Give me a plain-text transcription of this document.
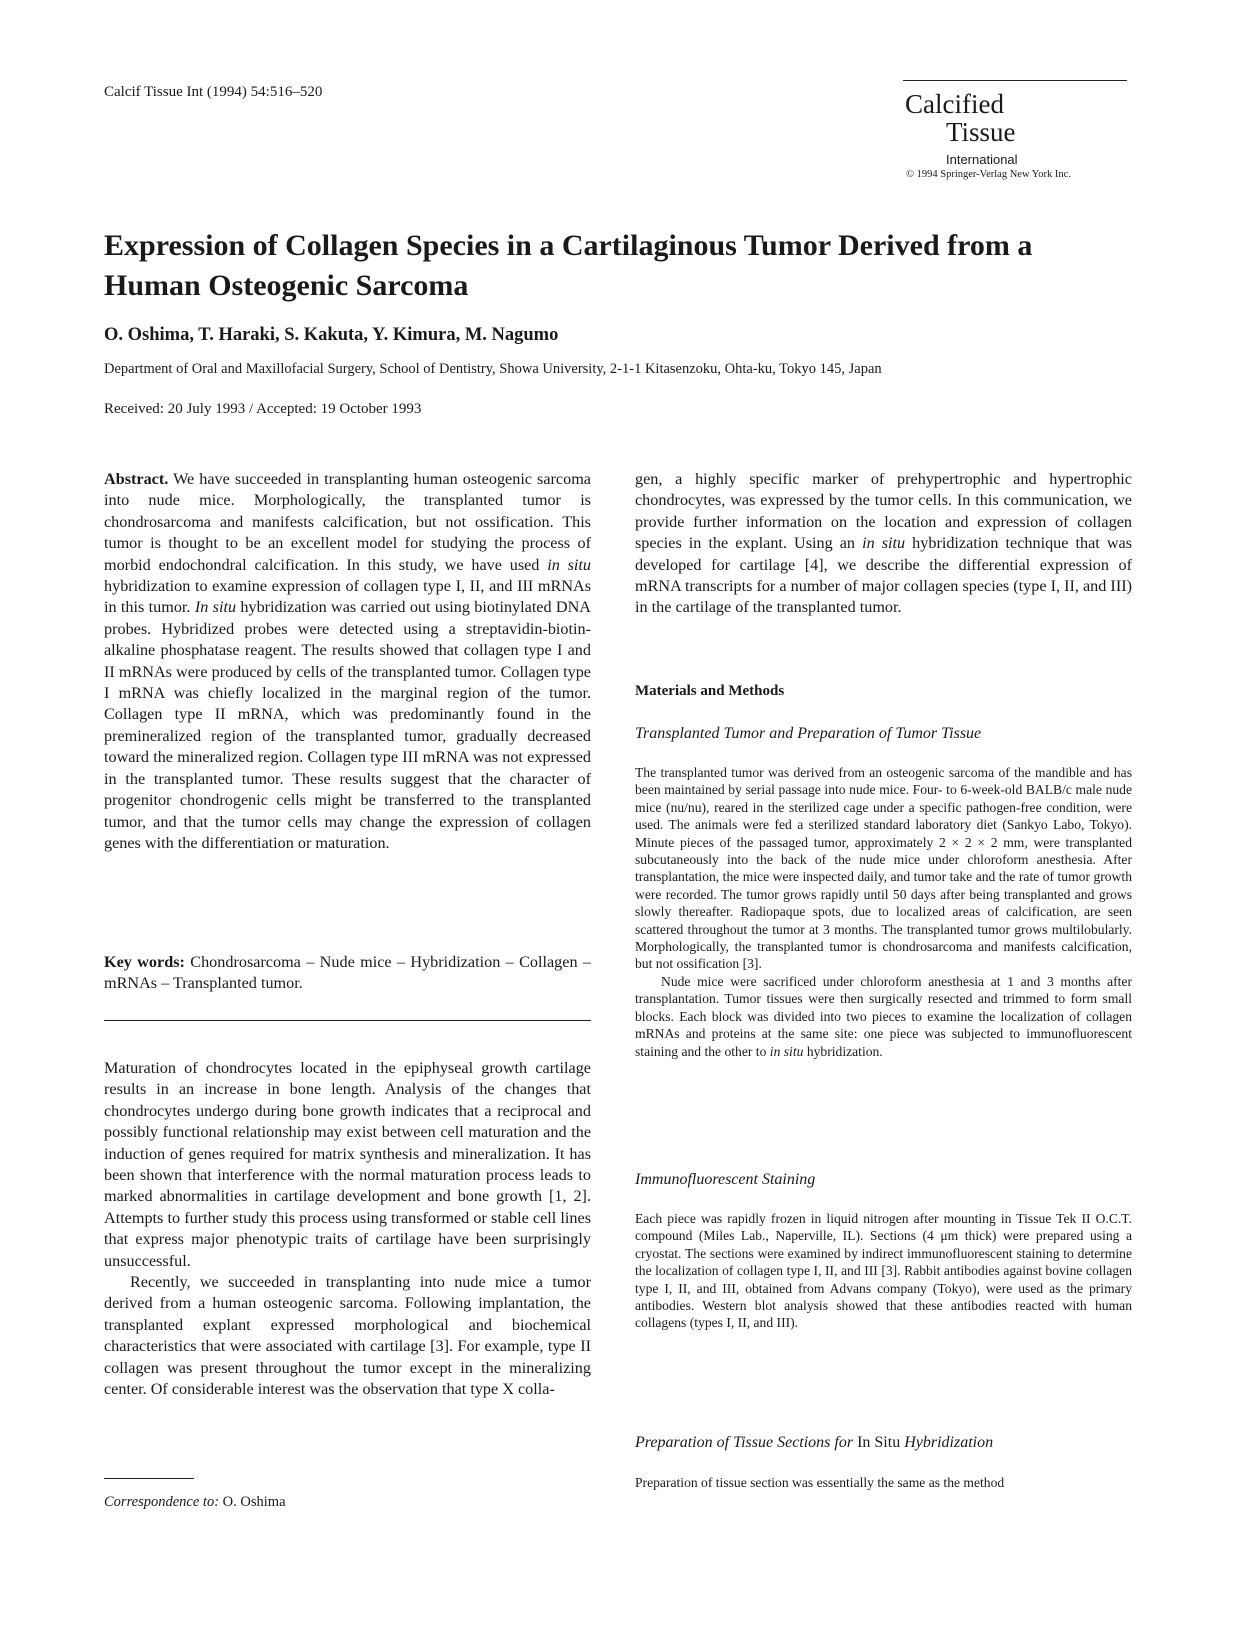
Calcif Tissue Int (1994) 54:516–520	Calcified
Tissue
International
© 1994 Springer-Verlag New York Inc.
Expression of Collagen Species in a Cartilaginous Tumor Derived from a Human Osteogenic Sarcoma
O. Oshima, T. Haraki, S. Kakuta, Y. Kimura, M. Nagumo
Department of Oral and Maxillofacial Surgery, School of Dentistry, Showa University, 2-1-1 Kitasenzoku, Ohta-ku, Tokyo 145, Japan
Received: 20 July 1993 / Accepted: 19 October 1993
Abstract. We have succeeded in transplanting human osteogenic sarcoma into nude mice. Morphologically, the transplanted tumor is chondrosarcoma and manifests calcification, but not ossification. This tumor is thought to be an excellent model for studying the process of morbid endochondral calcification. In this study, we have used in situ hybridization to examine expression of collagen type I, II, and III mRNAs in this tumor. In situ hybridization was carried out using biotinylated DNA probes. Hybridized probes were detected using a streptavidin-biotin-alkaline phosphatase reagent. The results showed that collagen type I and II mRNAs were produced by cells of the transplanted tumor. Collagen type I mRNA was chiefly localized in the marginal region of the tumor. Collagen type II mRNA, which was predominantly found in the premineralized region of the transplanted tumor, gradually decreased toward the mineralized region. Collagen type III mRNA was not expressed in the transplanted tumor. These results suggest that the character of progenitor chondrogenic cells might be transferred to the transplanted tumor, and that the tumor cells may change the expression of collagen genes with the differentiation or maturation.
Key words: Chondrosarcoma – Nude mice – Hybridization – Collagen – mRNAs – Transplanted tumor.

Maturation of chondrocytes located in the epiphyseal growth cartilage results in an increase in bone length. Analysis of the changes that chondrocytes undergo during bone growth indicates that a reciprocal and possibly functional relationship may exist between cell maturation and the induction of genes required for matrix synthesis and mineralization. It has been shown that interference with the normal maturation process leads to marked abnormalities in cartilage development and bone growth [1, 2]. Attempts to further study this process using transformed or stable cell lines that express major phenotypic traits of cartilage have been surprisingly unsuccessful.

Recently, we succeeded in transplanting into nude mice a tumor derived from a human osteogenic sarcoma. Following implantation, the transplanted explant expressed morphological and biochemical characteristics that were associated with cartilage [3]. For example, type II collagen was present throughout the tumor except in the mineralizing center. Of considerable interest was the observation that type X colla-

Correspondence to: O. Oshima
gen, a highly specific marker of prehypertrophic and hypertrophic chondrocytes, was expressed by the tumor cells. In this communication, we provide further information on the location and expression of collagen species in the explant. Using an in situ hybridization technique that was developed for cartilage [4], we describe the differential expression of mRNA transcripts for a number of major collagen species (type I, II, and III) in the cartilage of the transplanted tumor.
Materials and Methods
Transplanted Tumor and Preparation of Tumor Tissue

The transplanted tumor was derived from an osteogenic sarcoma of the mandible and has been maintained by serial passage into nude mice. Four- to 6-week-old BALB/c male nude mice (nu/nu), reared in the sterilized cage under a specific pathogen-free condition, were used. The animals were fed a sterilized standard laboratory diet (Sankyo Labo, Tokyo). Minute pieces of the passaged tumor, approximately 2 × 2 × 2 mm, were transplanted subcutaneously into the back of the nude mice under chloroform anesthesia. After transplantation, the mice were inspected daily, and tumor take and the rate of tumor growth were recorded. The tumor grows rapidly until 50 days after being transplanted and grows slowly thereafter. Radiopaque spots, due to localized areas of calcification, are seen scattered throughout the tumor at 3 months. The transplanted tumor grows multilobularly. Morphologically, the transplanted tumor is chondrosarcoma and manifests calcification, but not ossification [3].

Nude mice were sacrificed under chloroform anesthesia at 1 and 3 months after transplantation. Tumor tissues were then surgically resected and trimmed to form small blocks. Each block was divided into two pieces to examine the localization of collagen mRNAs and proteins at the same site: one piece was subjected to immunofluorescent staining and the other to in situ hybridization.

Immunofluorescent Staining

Each piece was rapidly frozen in liquid nitrogen after mounting in Tissue Tek II O.C.T. compound (Miles Lab., Naperville, IL). Sections (4 μm thick) were prepared using a cryostat. The sections were examined by indirect immunofluorescent staining to determine the localization of collagen type I, II, and III [3]. Rabbit antibodies against bovine collagen type I, II, and III, obtained from Advans company (Tokyo), were used as the primary antibodies. Western blot analysis showed that these antibodies reacted with human collagens (types I, II, and III).

Preparation of Tissue Sections for In Situ Hybridization

Preparation of tissue section was essentially the same as the method
